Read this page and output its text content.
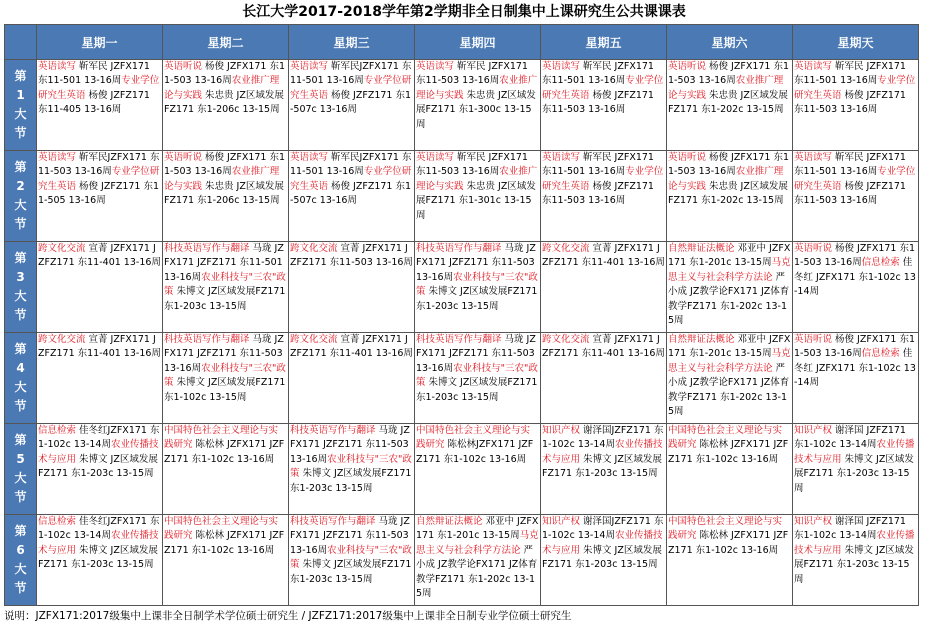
长江大学2017-2018学年第2学期非全日制集中上课研究生公共课课表
	星期一	星期二	星期三	星期四	星期五	星期六	星期天

第
1
大
节	英语读写 靳军民 JZFX171 东11-501 13-16周专业学位研究生英语 杨俊 JZFZ171 东11-405 13-16周	英语听说 杨俊 JZFX171 东11-503 13-16周农业推广理论与实践 朱忠贵 JZ区域发展FZ171 东1-206c 13-15周	英语读写 靳军民JZFX171 东11-501 13-16周专业学位研究生英语 杨俊 JZFZ171 东1-507c 13-16周	英语读写 靳军民 JZFX171 东11-503 13-16周农业推广理论与实践 朱忠贵 JZ区域发展FZ171 东1-300c 13-15周	英语读写 靳军民 JZFX171 东11-501 13-16周专业学位研究生英语 杨俊 JZFZ171 东11-503 13-16周	英语听说 杨俊 JZFX171 东11-503 13-16周农业推广理论与实践 朱忠贵 JZ区域发展FZ171 东1-202c 13-15周	英语读写 靳军民 JZFX171 东11-501 13-16周专业学位研究生英语 杨俊 JZFZ171 东11-503 13-16周

第
2
大
节	英语读写 靳军民JZFX171 东11-503 13-16周专业学位研究生英语 杨俊 JZFZ171 东11-505 13-16周	英语听说 杨俊 JZFX171 东11-503 13-16周农业推广理论与实践 朱忠贵 JZ区域发展FZ171 东1-206c 13-15周	英语读写 靳军民JZFX171 东11-501 13-16周专业学位研究生英语 杨俊 JZFZ171 东1-507c 13-16周	英语读写 靳军民 JZFX171 东11-503 13-16周农业推广理论与实践 朱忠贵 JZ区域发展FZ171 东1-301c 13-15周	英语读写 靳军民 JZFX171 东11-501 13-16周专业学位研究生英语 杨俊 JZFZ171 东11-503 13-16周	英语听说 杨俊 JZFX171 东11-503 13-16周农业推广理论与实践 朱忠贵 JZ区域发展FZ171 东1-202c 13-15周	英语读写 靳军民 JZFX171 东11-501 13-16周专业学位研究生英语 杨俊 JZFZ171 东11-503 13-16周

第
3
大
节	跨文化交流 宣菁 JZFX171 JZFZ171 东11-401 13-16周	科技英语写作与翻译 马珑 JZFX171 JZFZ171 东11-501 13-16周农业科技与"三农"政策 朱博文 JZ区域发展FZ171 东1-203c 13-15周	跨文化交流 宣菁 JZFX171 JZFZ171 东11-503 13-16周	科技英语写作与翻译 马珑 JZFX171 JZFZ171 东11-503 13-16周农业科技与"三农"政策 朱博文 JZ区域发展FZ171 东1-203c 13-15周	跨文化交流 宣菁 JZFX171 JZFZ171 东11-401 13-16周	自然辩证法概论 邓亚中 JZFX171 东1-201c 13-15周马克思主义与社会科学方法论 严小成 JZ教学论FX171 JZ体育教学FZ171 东1-202c 13-15周	英语听说 杨俊 JZFX171 东11-503 13-16周信息检索 佳冬红 JZFX171 东1-102c 13-14周

第
4
大
节	跨文化交流 宣菁 JZFX171 JZFZ171 东11-401 13-16周	科技英语写作与翻译 马珑 JZFX171 JZFZ171 东11-503 13-16周农业科技与"三农"政策 朱博文 JZ区域发展FZ171 东1-102c 13-15周	跨文化交流 宣菁 JZFX171 JZFZ171 东11-401 13-16周	科技英语写作与翻译 马珑 JZFX171 JZFZ171 东11-503 13-16周农业科技与"三农"政策 朱博文 JZ区域发展FZ171 东1-203c 13-15周	跨文化交流 宣菁 JZFX171 JZFZ171 东11-401 13-16周	自然辩证法概论 邓亚中 JZFX171 东1-201c 13-15周马克思主义与社会科学方法论 严小成 JZ教学论FX171 JZ体育教学FZ171 东1-202c 13-15周	英语听说 杨俊 JZFX171 东11-503 13-16周信息检索 佳冬红 JZFX171 东1-102c 13-14周

第
5
大
节	信息检索 佳冬红JZFX171 东1-102c 13-14周农业传播技术与应用 朱博文 JZ区域发展FZ171 东1-203c 13-15周	中国特色社会主义理论与实践研究 陈松林 JZFX171 JZFZ171 东1-102c 13-16周	科技英语写作与翻译 马珑 JZFX171 JZFZ171 东11-503 13-16周农业科技与"三农"政策 朱博文 JZ区域发展FZ171 东1-203c 13-15周	中国特色社会主义理论与实践研究 陈松林JZFX171 JZFZ171 东1-102c 13-16周	知识产权 谢泽国JZFZ171 东1-102c 13-14周农业传播技术与应用 朱博文 JZ区域发展FZ171 东1-203c 13-15周	中国特色社会主义理论与实践研究 陈松林 JZFX171 JZFZ171 东1-102c 13-16周	知识产权 谢泽国 JZFZ171 东1-102c 13-14周农业传播技术与应用 朱博文 JZ区域发展FZ171 东1-203c 13-15周

第
6
大
节	信息检索 佳冬红JZFX171 东1-102c 13-14周农业传播技术与应用 朱博文 JZ区域发展FZ171 东1-203c 13-15周	中国特色社会主义理论与实践研究 陈松林 JZFX171 JZFZ171 东1-102c 13-16周	科技英语写作与翻译 马珑 JZFX171 JZFZ171 东11-503 13-16周农业科技与"三农"政策 朱博文 JZ区域发展FZ171 东1-203c 13-15周	自然辩证法概论 邓亚中 JZFX171 东1-201c 13-15周马克思主义与社会科学方法论 严小成 JZ教学论FX171 JZ体育教学FZ171 东1-202c 13-15周	知识产权 谢泽国JZFZ171 东1-102c 13-14周农业传播技术与应用 朱博文 JZ区域发展FZ171 东1-203c 13-15周	中国特色社会主义理论与实践研究 陈松林 JZFX171 JZFZ171 东1-102c 13-16周	知识产权 谢泽国 JZFZ171 东1-102c 13-14周农业传播技术与应用 朱博文 JZ区域发展FZ171 东1-203c 13-15周
说明：JZFX171:2017级集中上课非全日制学术学位硕士研究生 / JZFZ171:2017级集中上课非全日制专业学位硕士研究生
